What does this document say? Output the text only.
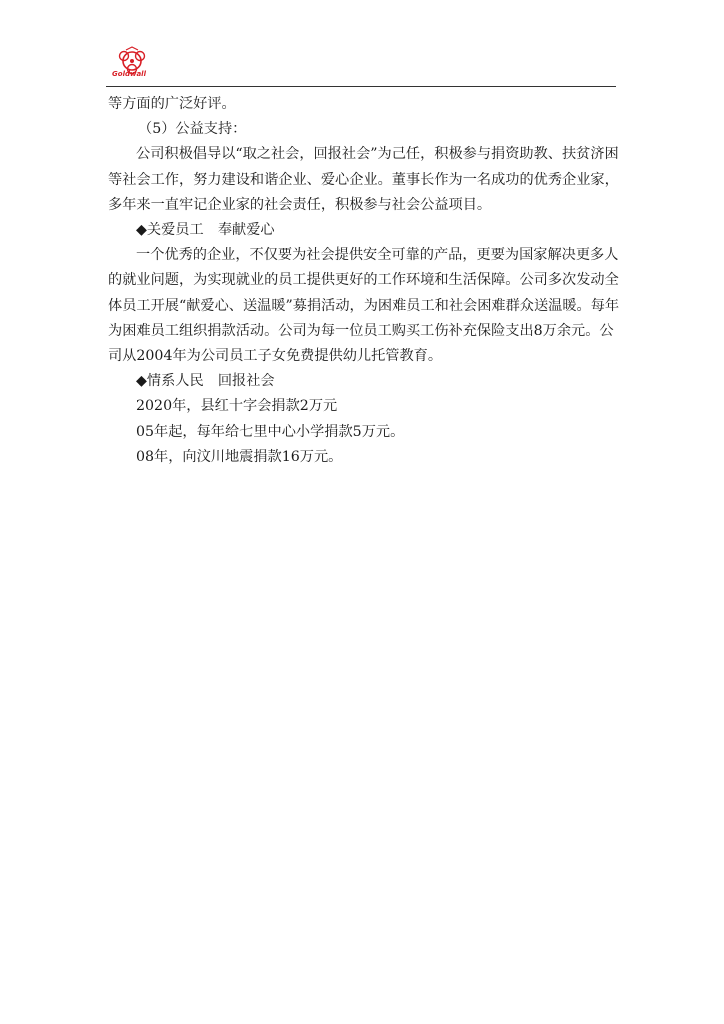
Goldwall

等方面的广泛好评。

（5）公益支持：

公司积极倡导以“取之社会，回报社会”为己任，积极参与捐资助教、扶贫济困等社会工作，努力建设和谐企业、爱心企业。董事长作为一名成功的优秀企业家，多年来一直牢记企业家的社会责任，积极参与社会公益项目。

◆关爱员工　奉献爱心

一个优秀的企业，不仅要为社会提供安全可靠的产品，更要为国家解决更多人的就业问题，为实现就业的员工提供更好的工作环境和生活保障。公司多次发动全体员工开展“献爱心、送温暖”募捐活动，为困难员工和社会困难群众送温暖。每年为困难员工组织捐款活动。公司为每一位员工购买工伤补充保险支出8万余元。公司从2004年为公司员工子女免费提供幼儿托管教育。

◆情系人民　回报社会

2020年，县红十字会捐款2万元

05年起，每年给七里中心小学捐款5万元。

08年，向汶川地震捐款16万元。
